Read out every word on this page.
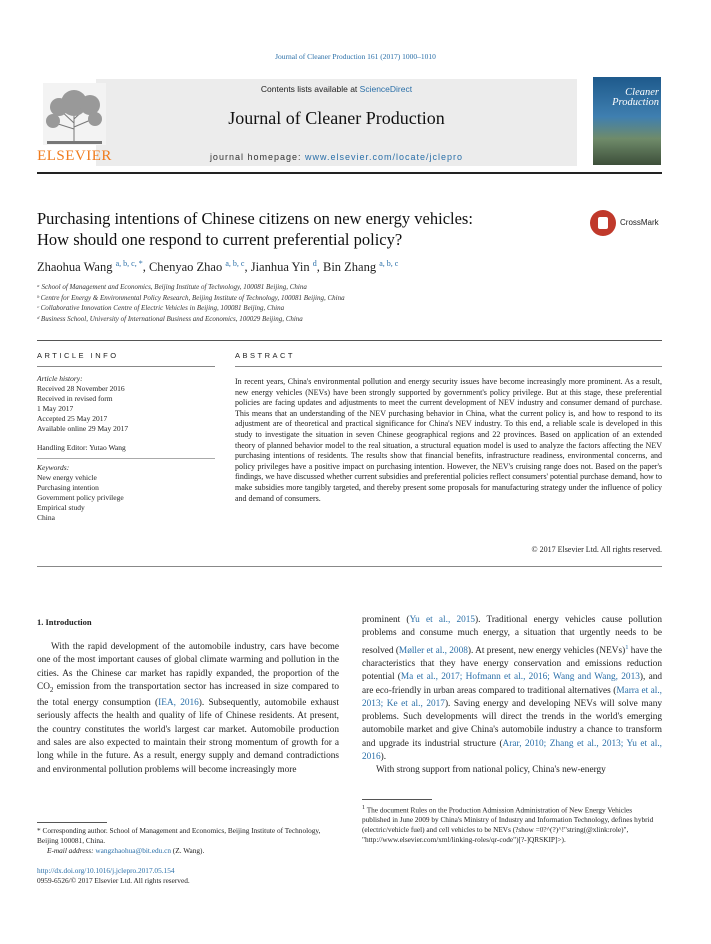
Journal of Cleaner Production 161 (2017) 1000–1010
Contents lists available at ScienceDirect
Journal of Cleaner Production
journal homepage: www.elsevier.com/locate/jclepro
ELSEVIER
Cleaner Production
Purchasing intentions of Chinese citizens on new energy vehicles:
How should one respond to current preferential policy?
CrossMark
Zhaohua Wang $^{a, b, c, *}$, Chenyao Zhao $^{a, b, c}$, Jianhua Yin $^d$, Bin Zhang $^{a, b, c}$
ᵃ School of Management and Economics, Beijing Institute of Technology, 100081 Beijing, China
ᵇ Centre for Energy & Environmental Policy Research, Beijing Institute of Technology, 100081 Beijing, China
ᶜ Collaborative Innovation Centre of Electric Vehicles in Beijing, 100081 Beijing, China
ᵈ Business School, University of International Business and Economics, 100029 Beijing, China
ARTICLE INFO	ABSTRACT
Article history:
Received 28 November 2016
Received in revised form
1 May 2017
Accepted 25 May 2017
Available online 29 May 2017
Handling Editor: Yutao Wang
Keywords:
New energy vehicle
Purchasing intention
Government policy privilege
Empirical study
China
In recent years, China's environmental pollution and energy security issues have become increasingly more prominent. As a result, new energy vehicles (NEVs) have been strongly supported by government's policy privilege. But at this stage, these preferential policies are facing updates and adjustments to meet the current development of NEV industry and consumer demand of purchase. This means that an understanding of the NEV purchasing behavior in China, what the current policy is, and how to respond to its adjustment are of theoretical and practical significance for China's NEV industry. To this end, a reliable scale is developed in this study to investigate the situation in seven Chinese geographical regions and 22 provinces. Based on application of an extended theory of planned behavior model to the real situation, a structural equation model is used to analyze the factors affecting the NEV purchasing intentions of residents. The results show that financial benefits, infrastructure readiness, environmental concerns, and policy privileges have a positive impact on purchasing intention. However, the NEV's cruising range does not. Based on the paper's findings, we have discussed whether current subsidies and preferential policies reflect consumers' potential purchase demand, how to make subsidies more tangibly targeted, and thereby present some proposals for manufacturing strategy under the influence of policy and demand of consumers.
© 2017 Elsevier Ltd. All rights reserved.
1. Introduction

With the rapid development of the automobile industry, cars have become one of the most important causes of global climate warming and pollution in the cities. As the Chinese car market has rapidly expanded, the proportion of the $CO_2$ emission from the transportation sector has increased in size compared to the total energy consumption (IEA, 2016). Subsequently, automobile exhaust seriously affects the health and quality of life of Chinese residents. At present, the country constitutes the world's largest car market. Automobile production and sales are also expected to maintain their strong momentum of growth for a long while in the future. As a result, energy supply and demand contradictions and environmental pollution problems will become increasingly more

prominent (Yu et al., 2015). Traditional energy vehicles cause pollution problems and consume much energy, a situation that urgently needs to be resolved (Møller et al., 2008). At present, new energy vehicles (NEVs)$^1$ have the characteristics that they have energy conservation and emissions reduction potential (Ma et al., 2017; Hofmann et al., 2016; Wang and Wang, 2013), and are eco-friendly in urban areas compared to traditional alternatives (Marra et al., 2013; Ke et al., 2017). Saving energy and developing NEVs will solve many problems. Such developments will direct the trends in the world's emerging automobile market and give China's automobile industry a chance to transform and upgrade its industrial structure (Arar, 2010; Zhang et al., 2013; Yu et al., 2016).

With strong support from national policy, China's new-energy

* Corresponding author. School of Management and Economics, Beijing Institute of Technology, Beijing 100081, China.
E-mail address: wangzhaohua@bit.edu.cn (Z. Wang).
http://dx.doi.org/10.1016/j.jclepro.2017.05.154
0959-6526/© 2017 Elsevier Ltd. All rights reserved.
$^1$ The document Rules on the Production Admission Administration of New Energy Vehicles published in June 2009 by China's Ministry of Industry and Information Technology, defines hybrid (electric/vehicle fuel) and cell vehicles to be NEVs (?show =0?^(?)^!"string(@xlink:role)", "http://www.elsevier.com/xml/linking-roles/qr-code")[?-]QRSKIP]>).
